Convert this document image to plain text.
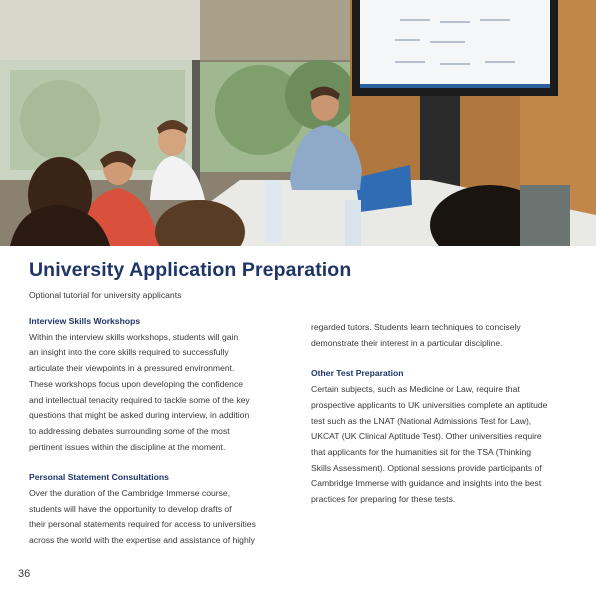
University Application Preparation
Optional tutorial for university applicants
Interview Skills Workshops

Within the interview skills workshops, students will gain
an insight into the core skills required to successfully
articulate their viewpoints in a pressured environment.
These workshops focus upon developing the confidence
and intellectual tenacity required to tackle some of the key
questions that might be asked during interview, in addition
to addressing debates surrounding some of the most
pertinent issues within the discipline at the moment.

Personal Statement Consultations

Over the duration of the Cambridge Immerse course,
students will have the opportunity to develop drafts of
their personal statements required for access to universities
across the world with the expertise and assistance of highly

regarded tutors. Students learn techniques to concisely
demonstrate their interest in a particular discipline.

Other Test Preparation

Certain subjects, such as Medicine or Law, require that
prospective applicants to UK universities complete an aptitude
test such as the LNAT (National Admissions Test for Law),
UKCAT (UK Clinical Aptitude Test). Other universities require
that applicants for the humanities sit for the TSA (Thinking
Skills Assessment). Optional sessions provide participants of
Cambridge Immerse with guidance and insights into the best
practices for preparing for these tests.

36
